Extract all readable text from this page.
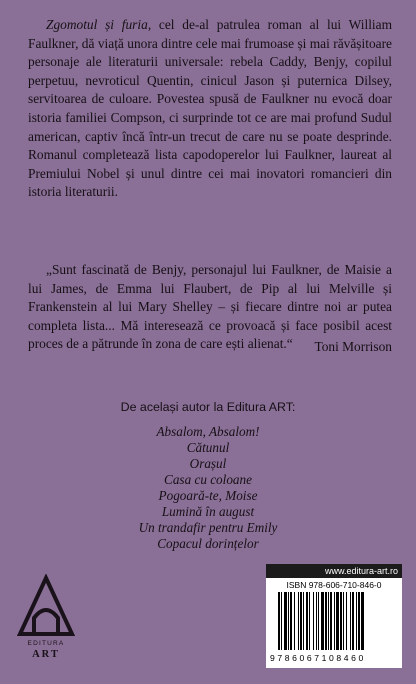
Zgomotul și furia, cel de-al patrulea roman al lui William Faulkner, dă viață unora dintre cele mai frumoase și mai răvășitoare personaje ale literaturii universale: rebela Caddy, Benjy, copilul perpetuu, nevroticul Quentin, cinicul Jason și puternica Dilsey, servitoarea de culoare. Povestea spusă de Faulkner nu evocă doar istoria familiei Compson, ci surprinde tot ce are mai profund Sudul american, captiv încă într-un trecut de care nu se poate desprinde. Romanul completează lista capodoperelor lui Faulkner, laureat al Premiului Nobel și unul dintre cei mai inovatori romancieri din istoria literaturii.

„Sunt fascinată de Benjy, personajul lui Faulkner, de Maisie a lui James, de Emma lui Flaubert, de Pip al lui Melville și Frankenstein al lui Mary Shelley – și fiecare dintre noi ar putea completa lista... Mă interesează ce provoacă și face posibil acest proces de a pătrunde în zona de care ești alienat.“	Toni Morrison

De același autor la Editura ART:

Absalom, Absalom!
Cătunul
Orașul
Casa cu coloane
Pogoară-te, Moise
Lumină în august
Un trandafir pentru Emily
Copacul dorințelor
EDITURA
ART
www.editura-art.ro
ISBN 978-606-710-846-0
9786067108460
